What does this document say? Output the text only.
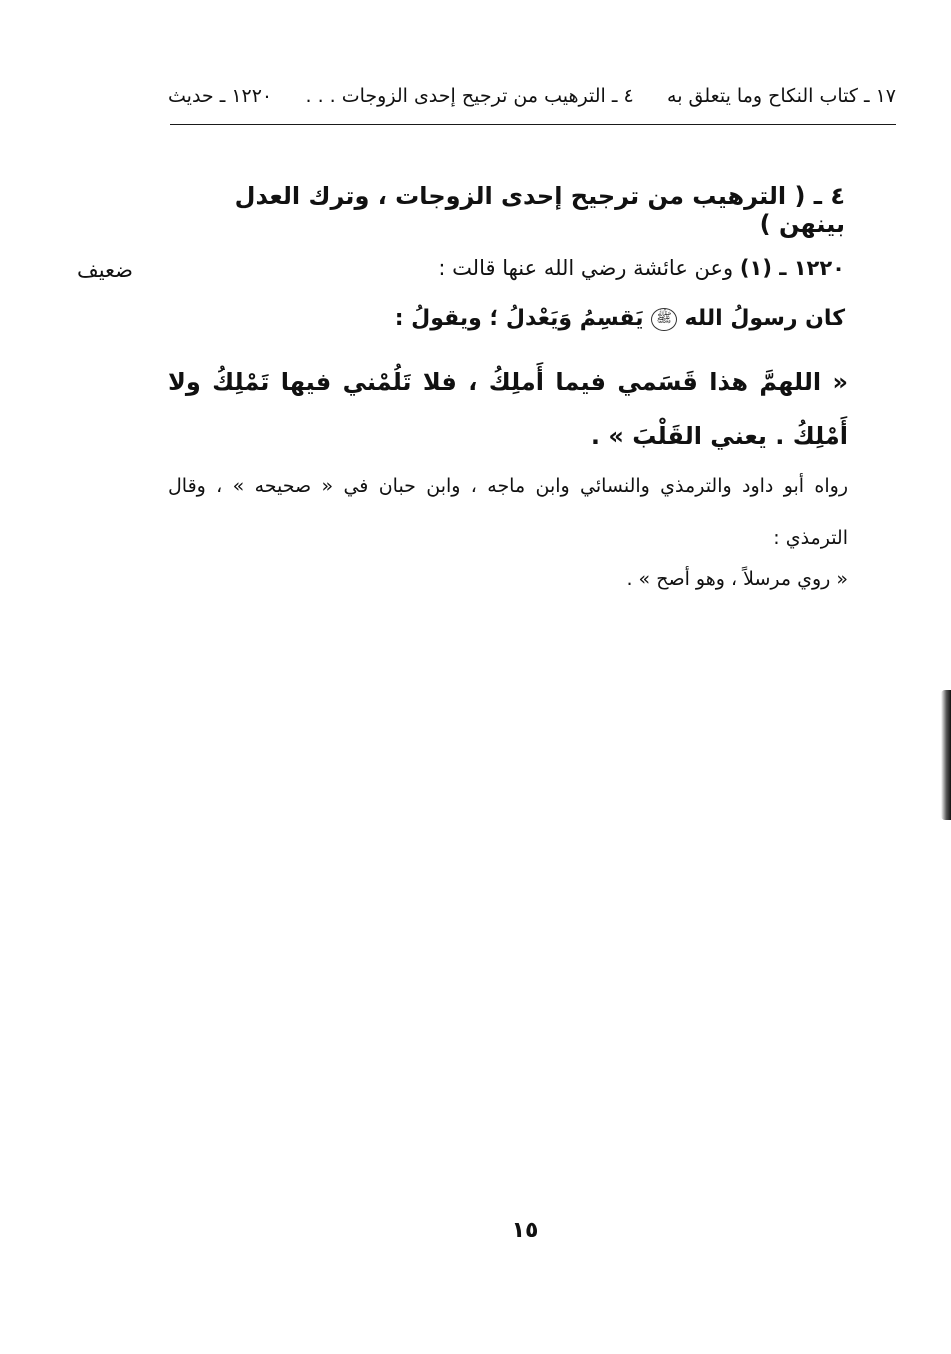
١٧ ـ كتاب النكاح وما يتعلق به
٤ ـ الترهيب من ترجيح إحدى الزوجات . . .
١٢٢٠ ـ حديث
٤ ـ ( الترهيب من ترجيح إحدى الزوجات ، وترك العدل بينهن )
ضعيف	١٢٢٠ ـ (١) وعن عائشة رضي الله عنها قالت :
كان رسولُ الله ﷺ يَقسِمُ وَيَعْدلُ ؛ ويقولُ :
« اللهمَّ هذا قَسَمي فيما أَملِكُ ، فلا تَلُمْني فيها تَمْلِكُ ولا أَمْلِكُ . يعني القَلْبَ » .
رواه أبو داود والترمذي والنسائي وابن ماجه ، وابن حبان في « صحيحه » ، وقال الترمذي :
« روي مرسلاً ، وهو أصح » .
١٥
